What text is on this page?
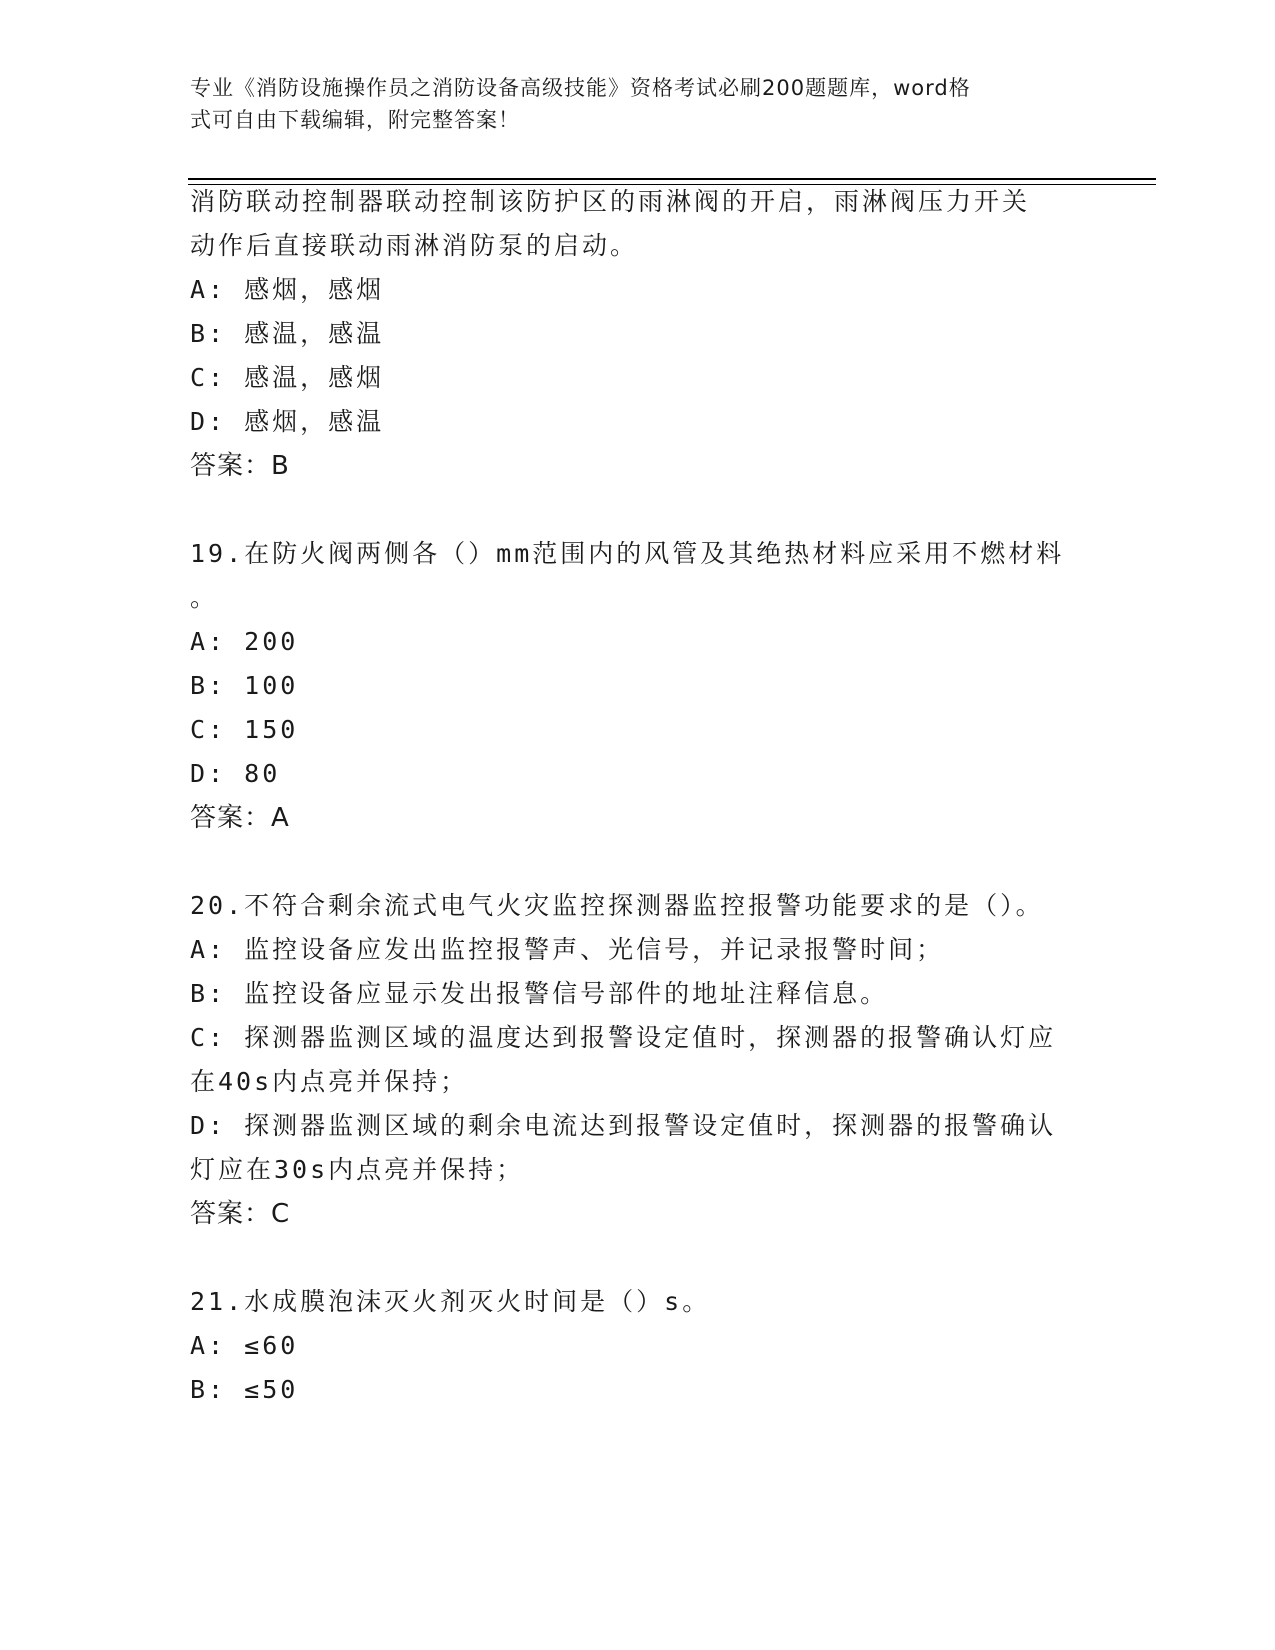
专业《消防设施操作员之消防设备高级技能》资格考试必刷200题题库，word格
式可自由下载编辑，附完整答案！
消防联动控制器联动控制该防护区的雨淋阀的开启，雨淋阀压力开关
动作后直接联动雨淋消防泵的启动。
A: 感烟，感烟
B: 感温，感温
C: 感温，感烟
D: 感烟，感温
答案：B
19.在防火阀两侧各（）mm范围内的风管及其绝热材料应采用不燃材料
。
A: 200
B: 100
C: 150
D: 80
答案：A
20.不符合剩余流式电气火灾监控探测器监控报警功能要求的是（）。
A: 监控设备应发出监控报警声、光信号，并记录报警时间；
B: 监控设备应显示发出报警信号部件的地址注释信息。
C: 探测器监测区域的温度达到报警设定值时，探测器的报警确认灯应
在40s内点亮并保持；
D: 探测器监测区域的剩余电流达到报警设定值时，探测器的报警确认
灯应在30s内点亮并保持；
答案：C
21.水成膜泡沫灭火剂灭火时间是（）s。
A: ≤60
B: ≤50
